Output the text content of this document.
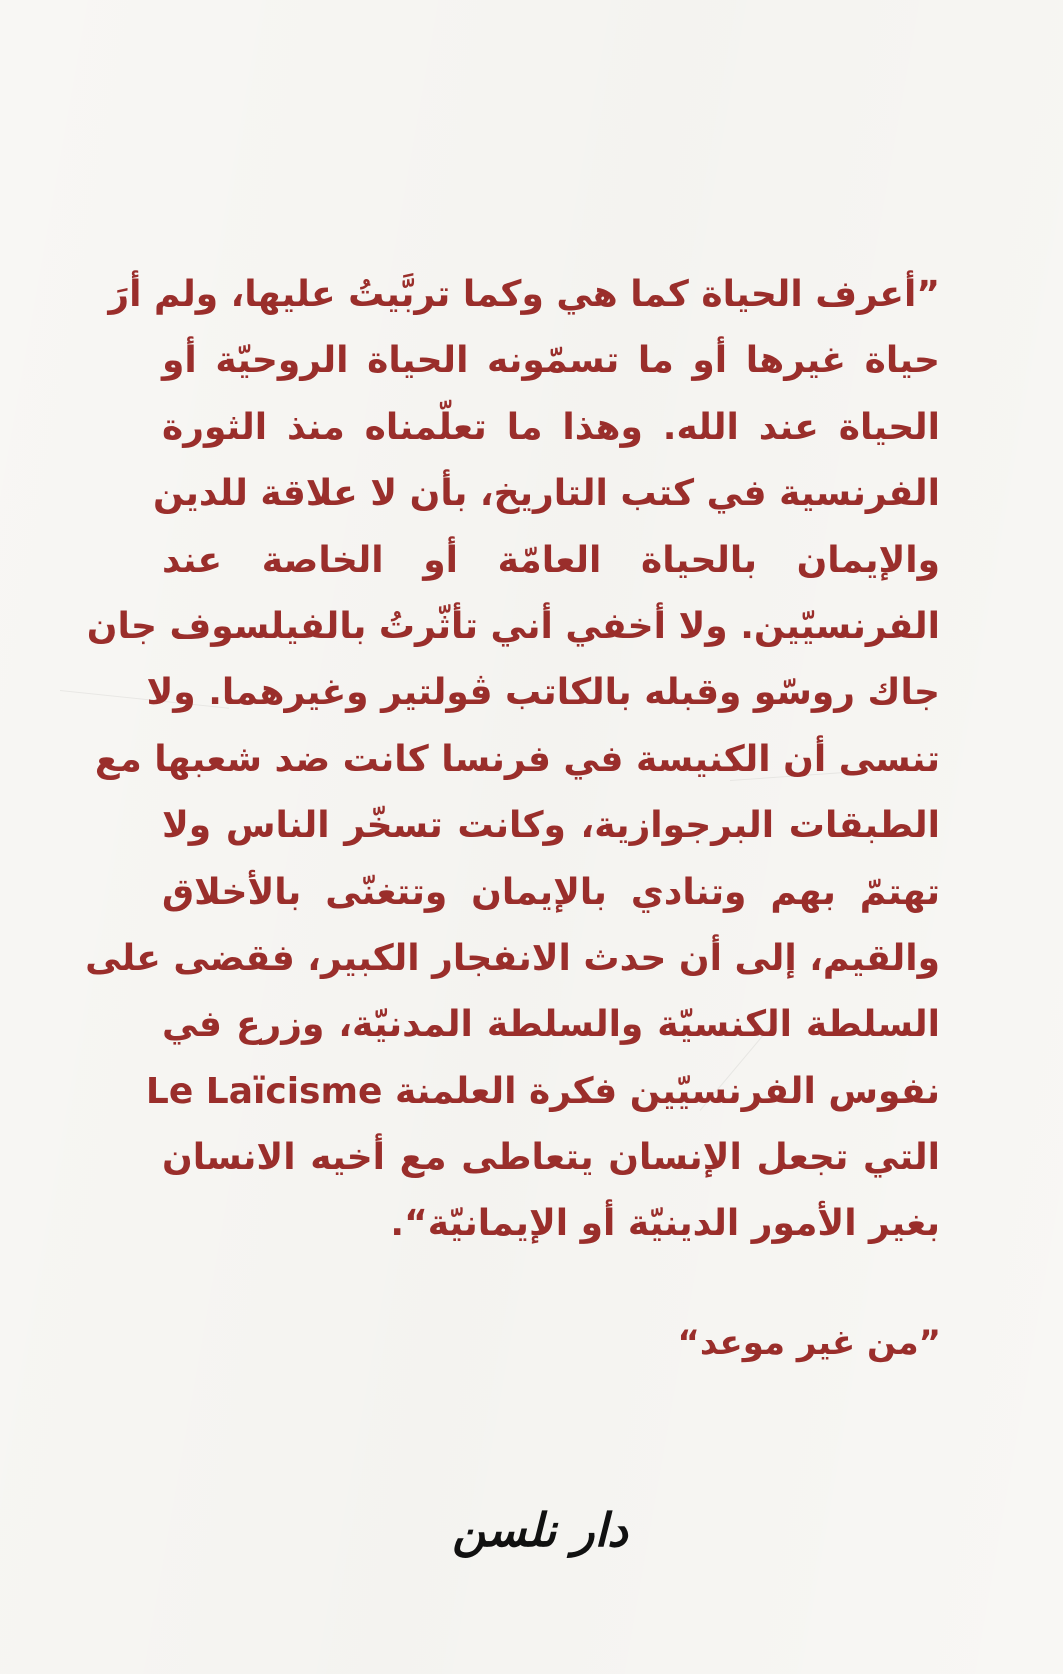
”أعرف الحياة كما هي وكما تربَّيتُ عليها، ولم أرَ
حياة غيرها أو ما تسمّونه الحياة الروحيّة أو
الحياة عند الله. وهذا ما تعلّمناه منذ الثورة
الفرنسية في كتب التاريخ، بأن لا علاقة للدين
والإيمان بالحياة العامّة أو الخاصة عند
الفرنسيّين. ولا أخفي أني تأثّرتُ بالفيلسوف جان
جاك روسّو وقبله بالكاتب ڤولتير وغيرهما. ولا
تنسى أن الكنيسة في فرنسا كانت ضد شعبها مع
الطبقات البرجوازية، وكانت تسخّر الناس ولا
تهتمّ بهم وتنادي بالإيمان وتتغنّى بالأخلاق
والقيم، إلى أن حدث الانفجار الكبير، فقضى على
السلطة الكنسيّة والسلطة المدنيّة، وزرع في
نفوس الفرنسيّين فكرة العلمنة Le Laïcisme
التي تجعل الإنسان يتعاطى مع أخيه الانسان
بغير الأمور الدينيّة أو الإيمانيّة“.
”من غير موعد“
دار نلسن
